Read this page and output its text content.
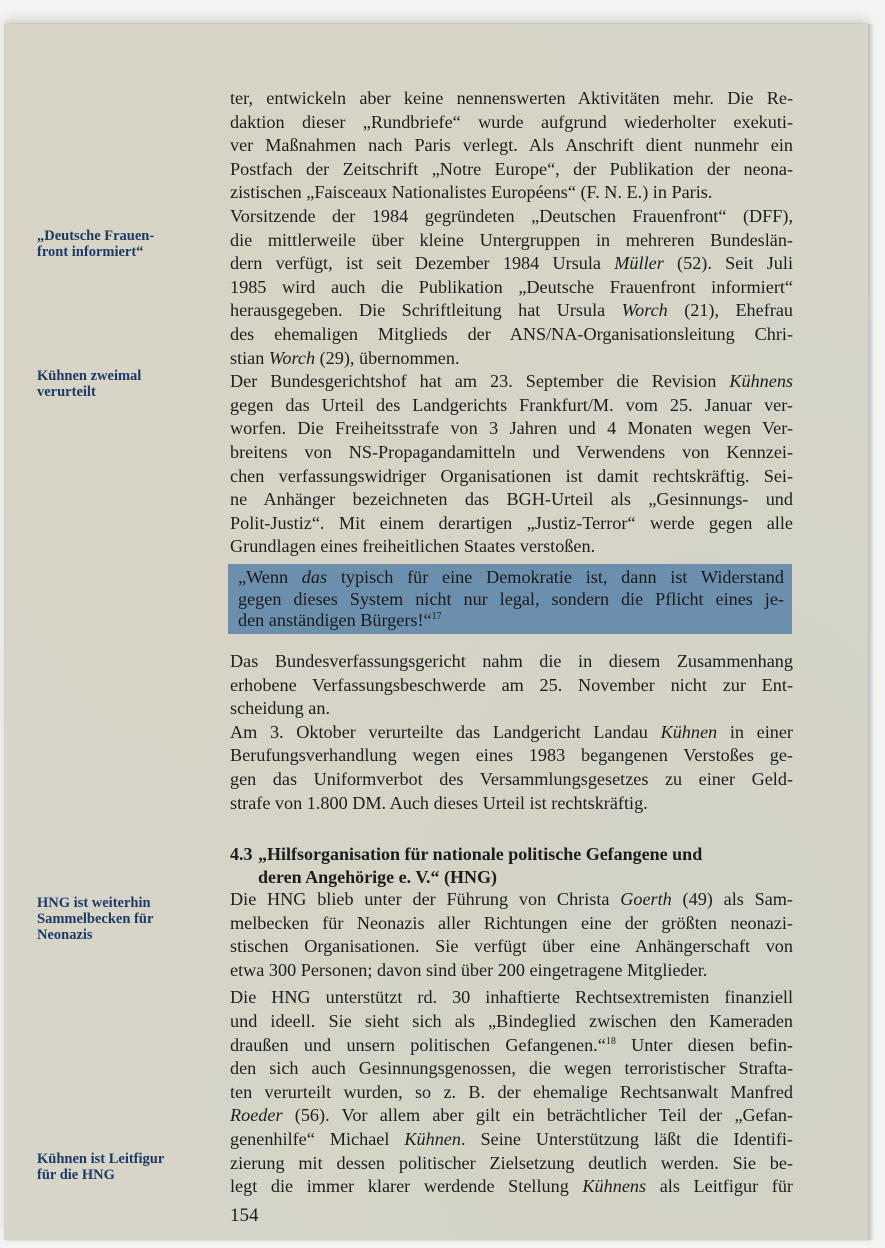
„Deutsche Frauen-
front informiert“
Kühnen zweimal
verurteilt
HNG ist weiterhin
Sammelbecken für
Neonazis
Kühnen ist Leitfigur
für die HNG
ter, entwickeln aber keine nennenswerten Aktivitäten mehr. Die Re-
daktion dieser „Rundbriefe“ wurde aufgrund wiederholter exekuti-
ver Maßnahmen nach Paris verlegt. Als Anschrift dient nunmehr ein
Postfach der Zeitschrift „Notre Europe“, der Publikation der neona-
zistischen „Faisceaux Nationalistes Européens“ (F. N. E.) in Paris.
Vorsitzende der 1984 gegründeten „Deutschen Frauenfront“ (DFF),
die mittlerweile über kleine Untergruppen in mehreren Bundeslän-
dern verfügt, ist seit Dezember 1984 Ursula Müller (52). Seit Juli
1985 wird auch die Publikation „Deutsche Frauenfront informiert“
herausgegeben. Die Schriftleitung hat Ursula Worch (21), Ehefrau
des ehemaligen Mitglieds der ANS/NA-Organisationsleitung Chri-
stian Worch (29), übernommen.
Der Bundesgerichtshof hat am 23. September die Revision Kühnens
gegen das Urteil des Landgerichts Frankfurt/M. vom 25. Januar ver-
worfen. Die Freiheitsstrafe von 3 Jahren und 4 Monaten wegen Ver-
breitens von NS-Propagandamitteln und Verwendens von Kennzei-
chen verfassungswidriger Organisationen ist damit rechtskräftig. Sei-
ne Anhänger bezeichneten das BGH-Urteil als „Gesinnungs- und
Polit-Justiz“. Mit einem derartigen „Justiz-Terror“ werde gegen alle
Grundlagen eines freiheitlichen Staates verstoßen.
„Wenn das typisch für eine Demokratie ist, dann ist Widerstand
gegen dieses System nicht nur legal, sondern die Pflicht eines je-
den anständigen Bürgers!“$^{17}$
Das Bundesverfassungsgericht nahm die in diesem Zusammenhang
erhobene Verfassungsbeschwerde am 25. November nicht zur Ent-
scheidung an.
Am 3. Oktober verurteilte das Landgericht Landau Kühnen in einer
Berufungsverhandlung wegen eines 1983 begangenen Verstoßes ge-
gen das Uniformverbot des Versammlungsgesetzes zu einer Geld-
strafe von 1.800 DM. Auch dieses Urteil ist rechtskräftig.
4.3 „Hilfsorganisation für nationale politische Gefangene und
deren Angehörige e. V.“ (HNG)
Die HNG blieb unter der Führung von Christa Goerth (49) als Sam-
melbecken für Neonazis aller Richtungen eine der größten neonazi-
stischen Organisationen. Sie verfügt über eine Anhängerschaft von
etwa 300 Personen; davon sind über 200 eingetragene Mitglieder.
Die HNG unterstützt rd. 30 inhaftierte Rechtsextremisten finanziell
und ideell. Sie sieht sich als „Bindeglied zwischen den Kameraden
draußen und unsern politischen Gefangenen.“$^{18}$ Unter diesen befin-
den sich auch Gesinnungsgenossen, die wegen terroristischer Strafta-
ten verurteilt wurden, so z. B. der ehemalige Rechtsanwalt Manfred
Roeder (56). Vor allem aber gilt ein beträchtlicher Teil der „Gefan-
genenhilfe“ Michael Kühnen. Seine Unterstützung läßt die Identifi-
zierung mit dessen politischer Zielsetzung deutlich werden. Sie be-
legt die immer klarer werdende Stellung Kühnens als Leitfigur für
154
